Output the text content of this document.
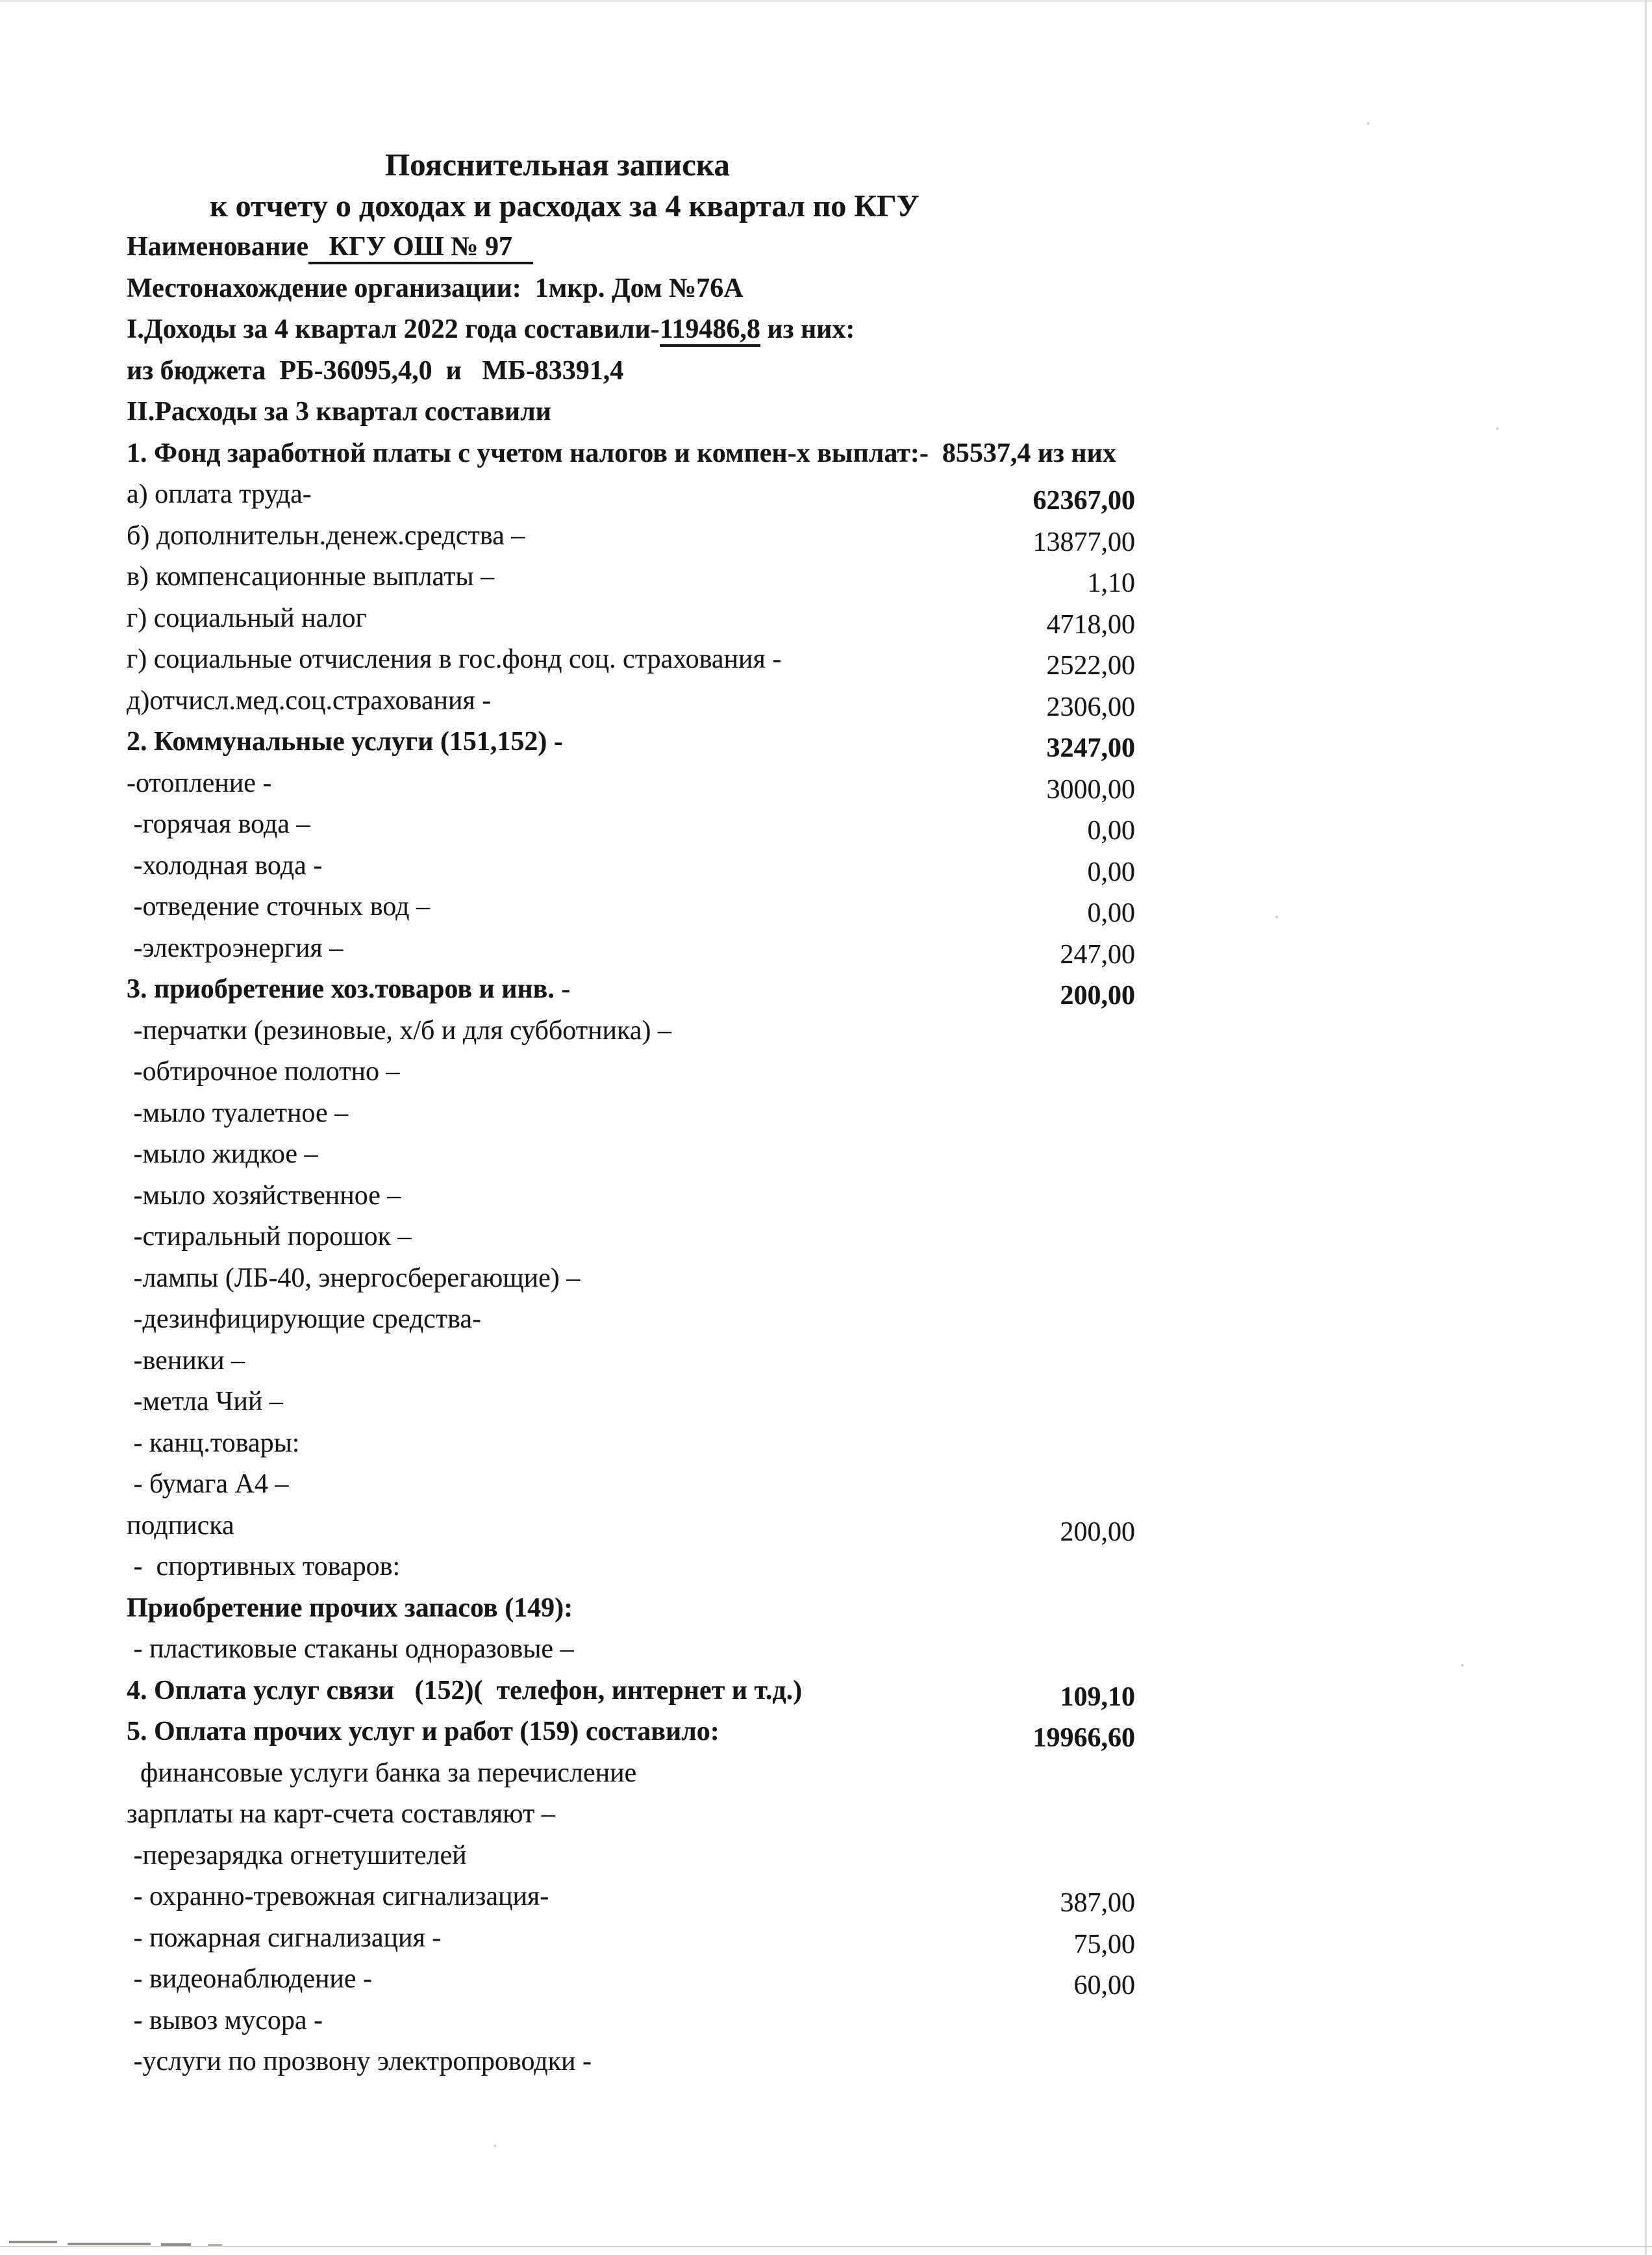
Пояснительная записка
к отчету о доходах и расходах за 4 квартал по КГУ
Наименование   КГУ ОШ № 97
Местонахождение организации:  1мкр. Дом №76А
I.Доходы за 4 квартал 2022 года составили-119486,8 из них:
из бюджета  РБ-36095,4,0  и   МБ-83391,4
II.Расходы за 3 квартал составили
1. Фонд заработной платы с учетом налогов и компен-х выплат:-  85537,4 из них
а) оплата труда-	62367,00
б) дополнительн.денеж.средства –	13877,00
в) компенсационные выплаты –	1,10
г) социальный налог	4718,00
г) социальные отчисления в гос.фонд соц. страхования -	2522,00
д)отчисл.мед.соц.страхования -	2306,00
2. Коммунальные услуги (151,152) -	3247,00
-отопление -	3000,00
-горячая вода –	0,00
-холодная вода -	0,00
-отведение сточных вод –	0,00
-электроэнергия –	247,00
3. приобретение хоз.товаров и инв. -	200,00
-перчатки (резиновые, х/б и для субботника) –
-обтирочное полотно –
-мыло туалетное –
-мыло жидкое –
-мыло хозяйственное –
-стиральный порошок –
-лампы (ЛБ-40, энергосберегающие) –
-дезинфицирующие средства-
-веники –
-метла Чий –
- канц.товары:
- бумага А4 –
подписка	200,00
-  спортивных товаров:
Приобретение прочих запасов (149):
- пластиковые стаканы одноразовые –
4. Оплата услуг связи   (152)(  телефон, интернет и т.д.)	109,10
5. Оплата прочих услуг и работ (159) составило:	19966,60
финансовые услуги банка за перечисление
зарплаты на карт-счета составляют –
-перезарядка огнетушителей
- охранно-тревожная сигнализация-	387,00
- пожарная сигнализация -	75,00
- видеонаблюдение -	60,00
- вывоз мусора -
-услуги по прозвону электропроводки -
